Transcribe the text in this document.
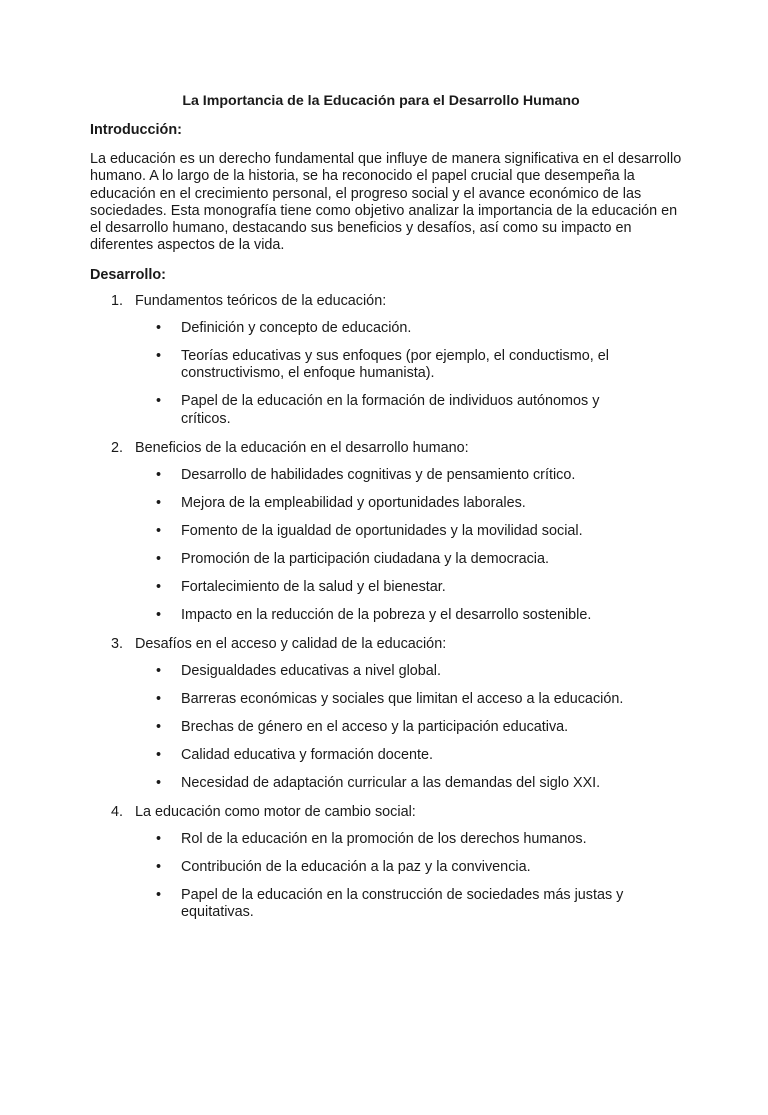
La Importancia de la Educación para el Desarrollo Humano
Introducción:
La educación es un derecho fundamental que influye de manera significativa en el desarrollo humano. A lo largo de la historia, se ha reconocido el papel crucial que desempeña la educación en el crecimiento personal, el progreso social y el avance económico de las sociedades. Esta monografía tiene como objetivo analizar la importancia de la educación en el desarrollo humano, destacando sus beneficios y desafíos, así como su impacto en diferentes aspectos de la vida.
Desarrollo:
1. Fundamentos teóricos de la educación:
• Definición y concepto de educación.
• Teorías educativas y sus enfoques (por ejemplo, el conductismo, el constructivismo, el enfoque humanista).
• Papel de la educación en la formación de individuos autónomos y críticos.
2. Beneficios de la educación en el desarrollo humano:
• Desarrollo de habilidades cognitivas y de pensamiento crítico.
• Mejora de la empleabilidad y oportunidades laborales.
• Fomento de la igualdad de oportunidades y la movilidad social.
• Promoción de la participación ciudadana y la democracia.
• Fortalecimiento de la salud y el bienestar.
• Impacto en la reducción de la pobreza y el desarrollo sostenible.
3. Desafíos en el acceso y calidad de la educación:
• Desigualdades educativas a nivel global.
• Barreras económicas y sociales que limitan el acceso a la educación.
• Brechas de género en el acceso y la participación educativa.
• Calidad educativa y formación docente.
• Necesidad de adaptación curricular a las demandas del siglo XXI.
4. La educación como motor de cambio social:
• Rol de la educación en la promoción de los derechos humanos.
• Contribución de la educación a la paz y la convivencia.
• Papel de la educación en la construcción de sociedades más justas y equitativas.
